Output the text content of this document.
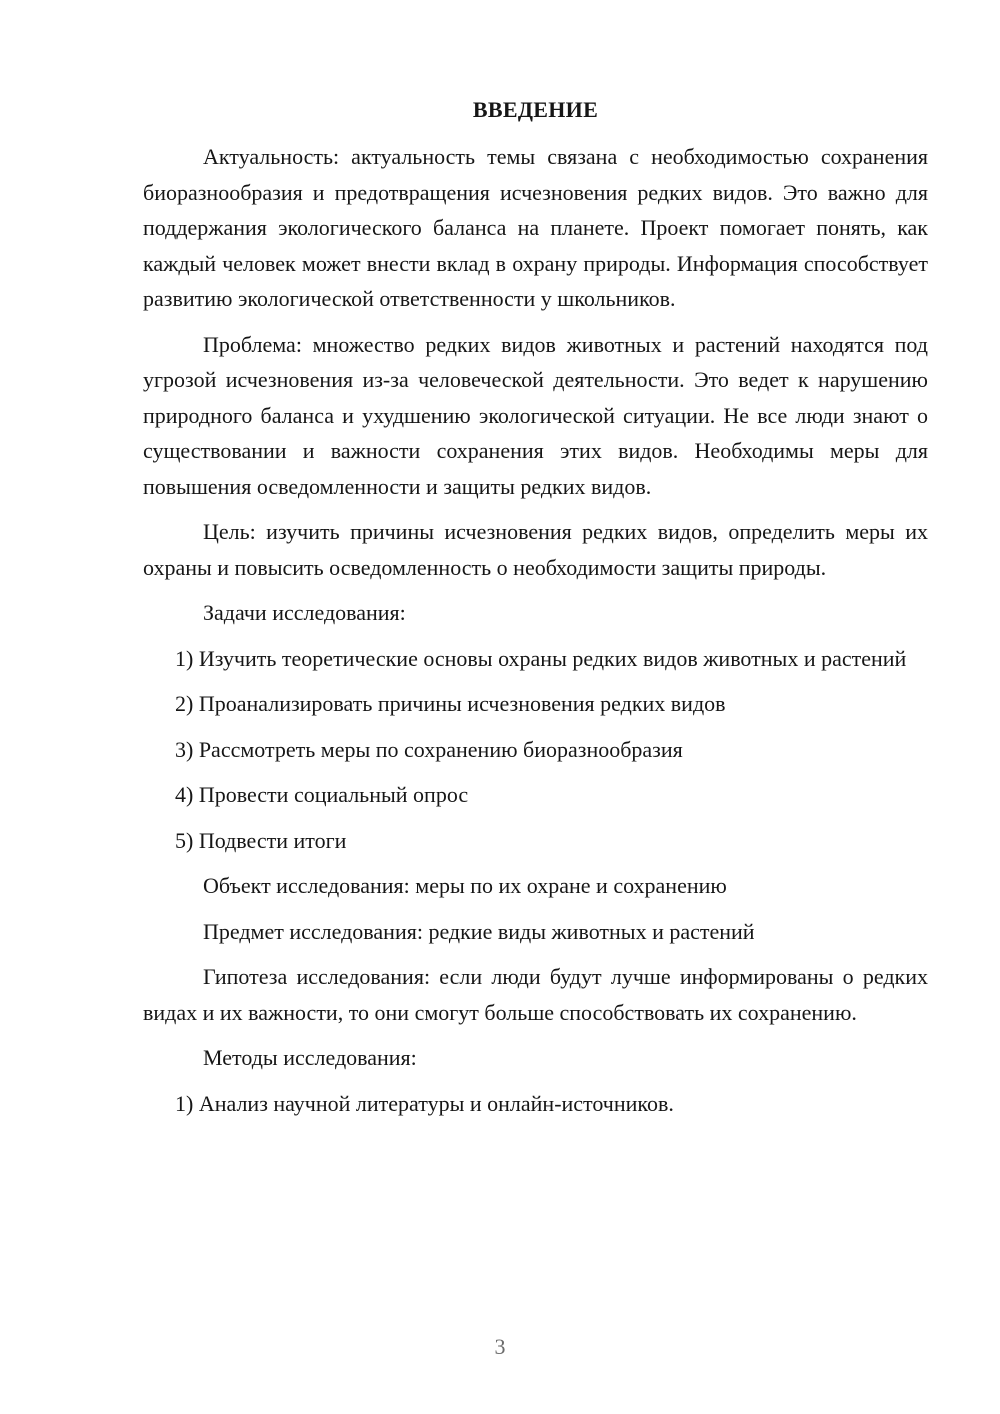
ВВЕДЕНИЕ

Актуальность: актуальность темы связана с необходимостью сохранения биоразнообразия и предотвращения исчезновения редких видов. Это важно для поддержания экологического баланса на планете. Проект помогает понять, как каждый человек может внести вклад в охрану природы. Информация способствует развитию экологической ответственности у школьников.

Проблема: множество редких видов животных и растений находятся под угрозой исчезновения из-за человеческой деятельности. Это ведет к нарушению природного баланса и ухудшению экологической ситуации. Не все люди знают о существовании и важности сохранения этих видов. Необходимы меры для повышения осведомленности и защиты редких видов.

Цель: изучить причины исчезновения редких видов, определить меры их охраны и повысить осведомленность о необходимости защиты природы.

Задачи исследования:

1) Изучить теоретические основы охраны редких видов животных и растений

2) Проанализировать причины исчезновения редких видов

3) Рассмотреть меры по сохранению биоразнообразия

4) Провести социальный опрос

5) Подвести итоги

Объект исследования: меры по их охране и сохранению

Предмет исследования: редкие виды животных и растений

Гипотеза исследования: если люди будут лучше информированы о редких видах и их важности, то они смогут больше способствовать их сохранению.

Методы исследования:

1) Анализ научной литературы и онлайн-источников.

3
